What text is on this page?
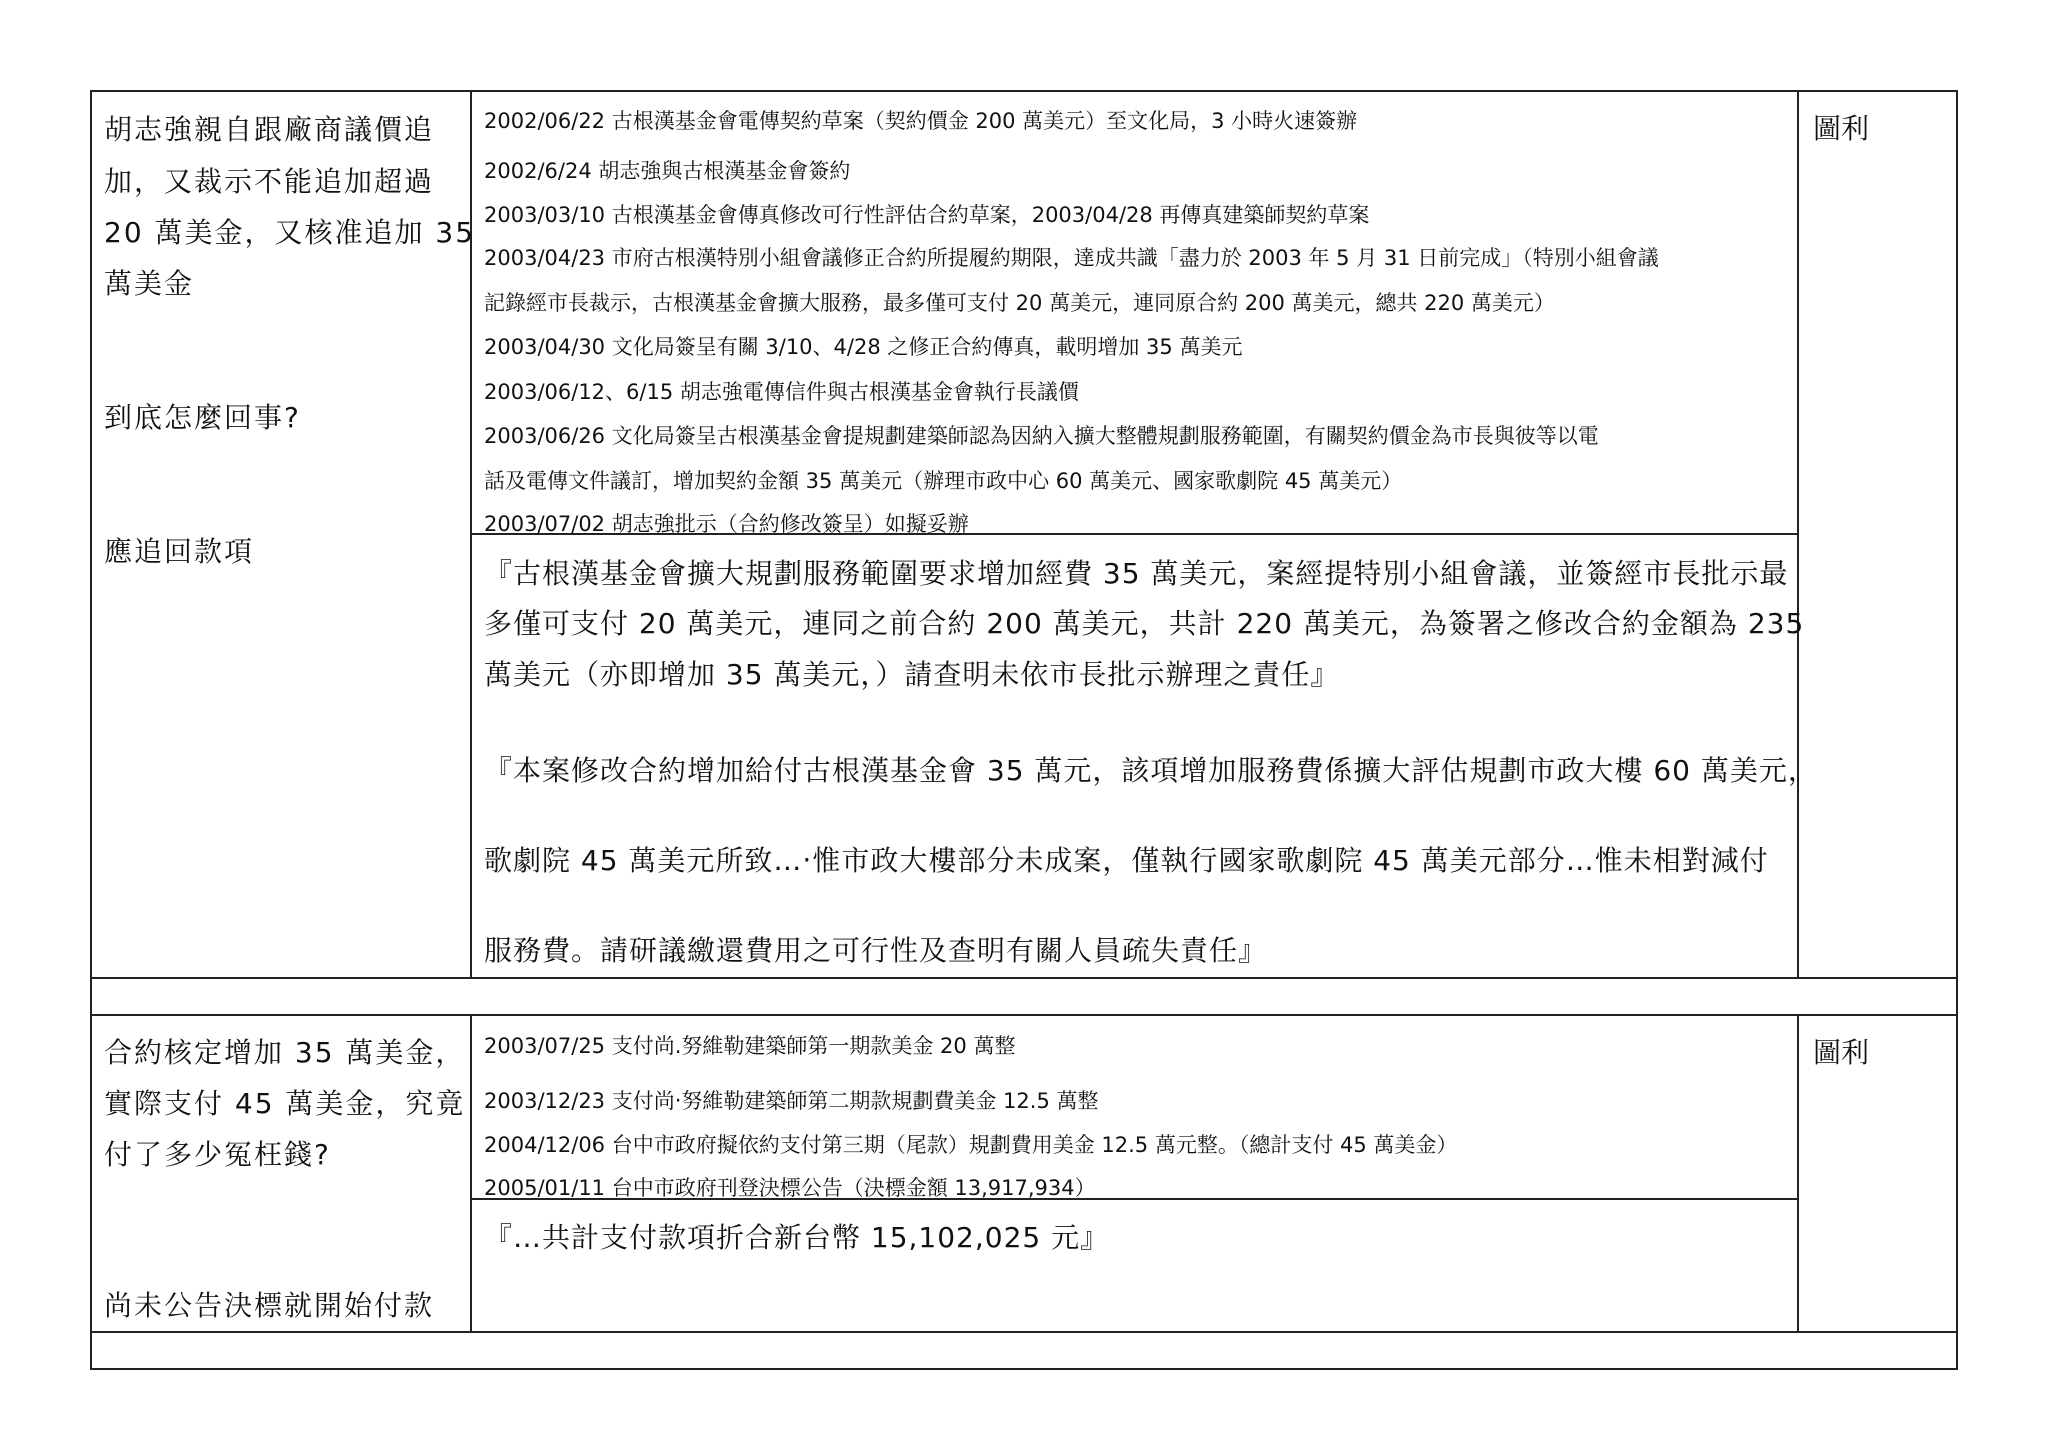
胡志強親自跟廠商議價追
加，又裁示不能追加超過
20 萬美金，又核准追加 35
萬美金
到底怎麼回事?
應追回款項
2002/06/22 古根漢基金會電傳契約草案（契約價金 200 萬美元）至文化局，3 小時火速簽辦
2002/6/24 胡志強與古根漢基金會簽約
2003/03/10 古根漢基金會傳真修改可行性評估合約草案，2003/04/28 再傳真建築師契約草案
2003/04/23 市府古根漢特別小組會議修正合約所提履約期限，達成共識「盡力於 2003 年 5 月 31 日前完成」（特別小組會議
記錄經市長裁示，古根漢基金會擴大服務，最多僅可支付 20 萬美元，連同原合約 200 萬美元，總共 220 萬美元）
2003/04/30 文化局簽呈有關 3/10、4/28 之修正合約傳真，載明增加 35 萬美元
2003/06/12、6/15 胡志強電傳信件與古根漢基金會執行長議價
2003/06/26 文化局簽呈古根漢基金會提規劃建築師認為因納入擴大整體規劃服務範圍，有關契約價金為市長與彼等以電
話及電傳文件議訂，增加契約金額 35 萬美元（辦理市政中心 60 萬美元、國家歌劇院 45 萬美元）
2003/07/02 胡志強批示（合約修改簽呈）如擬妥辦
『古根漢基金會擴大規劃服務範圍要求增加經費 35 萬美元，案經提特別小組會議，並簽經市長批示最
多僅可支付 20 萬美元，連同之前合約 200 萬美元，共計 220 萬美元，為簽署之修改合約金額為 235
萬美元（亦即增加 35 萬美元，）請查明未依市長批示辦理之責任』
『本案修改合約增加給付古根漢基金會 35 萬元，該項增加服務費係擴大評估規劃市政大樓 60 萬美元，
歌劇院 45 萬美元所致…‧惟市政大樓部分未成案，僅執行國家歌劇院 45 萬美元部分…惟未相對減付
服務費。請研議繳還費用之可行性及查明有關人員疏失責任』
圖利
合約核定增加 35 萬美金，
實際支付 45 萬美金，究竟
付了多少冤枉錢?
尚未公告決標就開始付款
2003/07/25 支付尚.努維勒建築師第一期款美金 20 萬整
2003/12/23 支付尚‧努維勒建築師第二期款規劃費美金 12.5 萬整
2004/12/06 台中市政府擬依約支付第三期（尾款）規劃費用美金 12.5 萬元整。（總計支付 45 萬美金）
2005/01/11 台中市政府刊登決標公告（決標金額 13,917,934）
『…共計支付款項折合新台幣 15,102,025 元』
圖利
